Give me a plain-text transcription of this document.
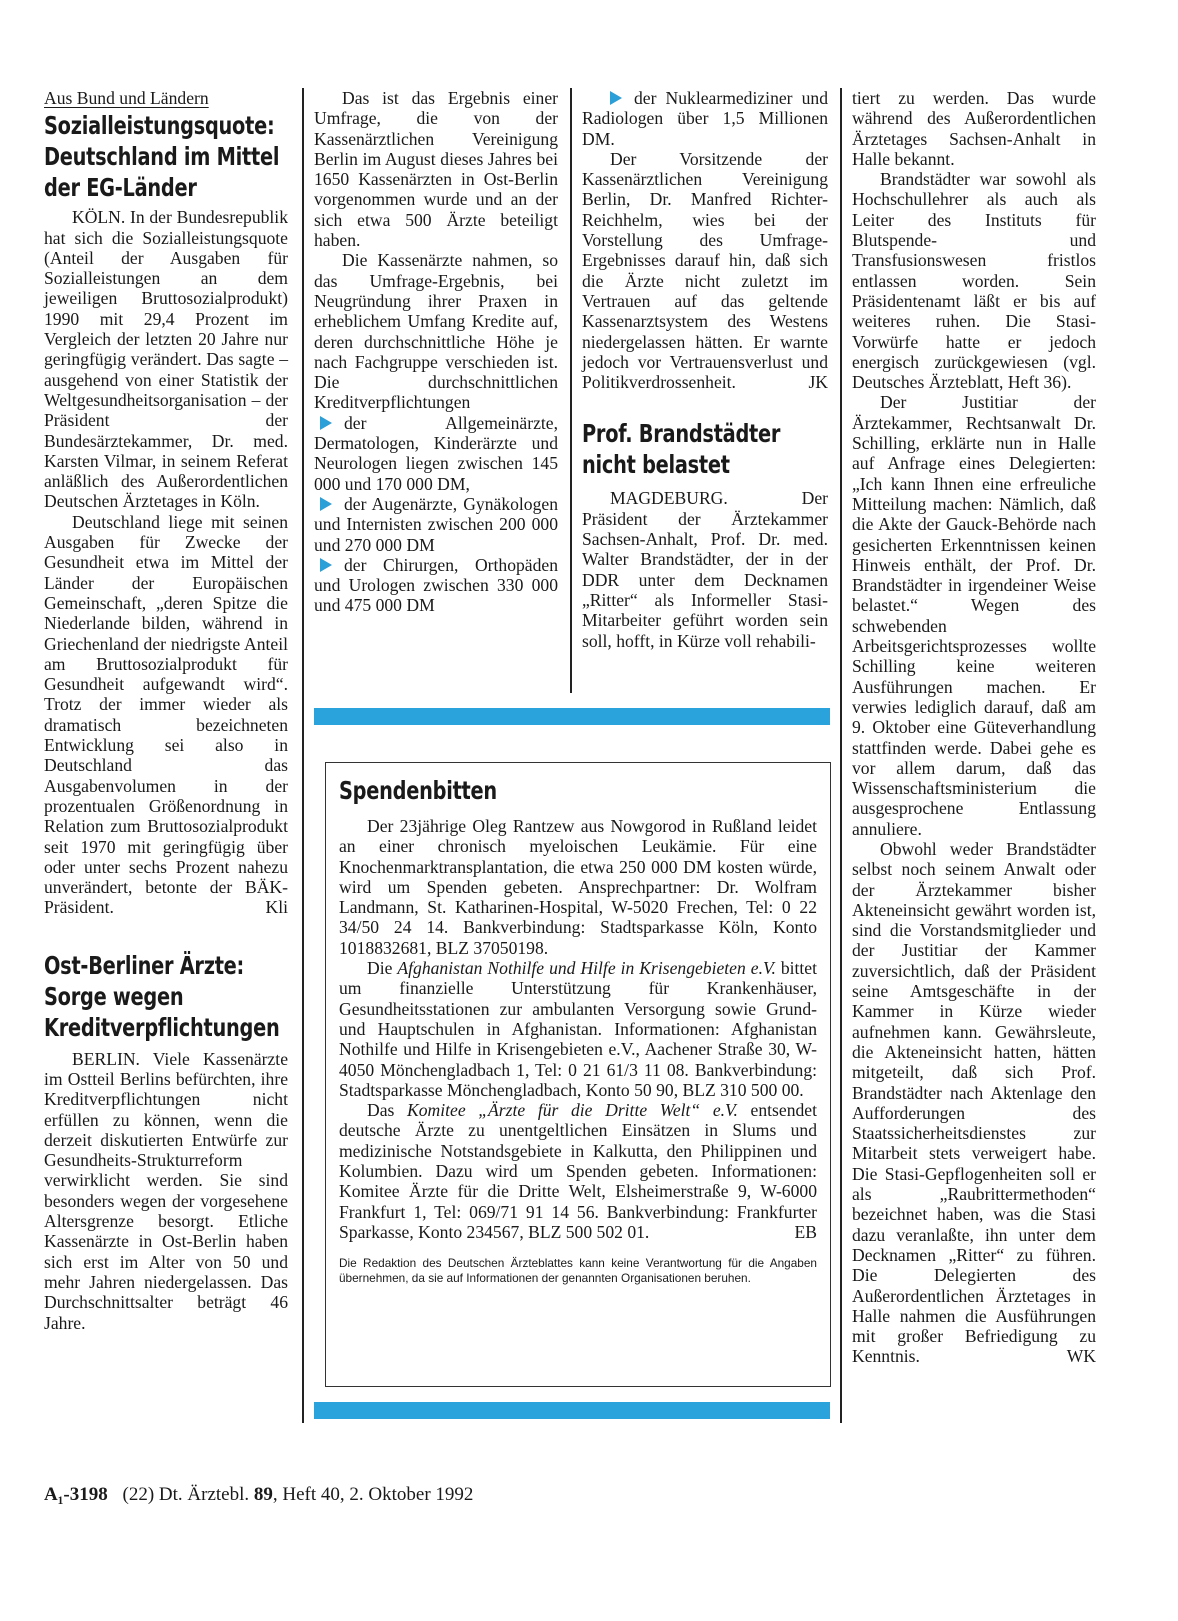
Aus Bund und Ländern

Sozialleistungsquote:
Deutschland im Mittel
der EG-Länder

KÖLN. In der Bundesrepublik hat sich die Sozialleistungsquote (Anteil der Ausgaben für Sozialleistungen an dem jeweiligen Bruttosozialprodukt) 1990 mit 29,4 Prozent im Vergleich der letzten 20 Jahre nur geringfügig verändert. Das sagte – ausgehend von einer Statistik der Weltgesundheitsorganisation – der Präsident der Bundesärztekammer, Dr. med. Karsten Vilmar, in seinem Referat anläßlich des Außerordentlichen Deutschen Ärztetages in Köln.

Deutschland liege mit seinen Ausgaben für Zwecke der Gesundheit etwa im Mittel der Länder der Europäischen Gemeinschaft, „deren Spitze die Niederlande bilden, während in Griechenland der niedrigste Anteil am Bruttosozialprodukt für Gesundheit aufgewandt wird“. Trotz der immer wieder als dramatisch bezeichneten Entwicklung sei also in Deutschland das Ausgabenvolumen in der prozentualen Größenordnung in Relation zum Bruttosozialprodukt seit 1970 mit geringfügig über oder unter sechs Prozent nahezu unverändert, betonte der BÄK-Präsident.	Kli

Ost-Berliner Ärzte:
Sorge wegen
Kreditverpflichtungen

BERLIN. Viele Kassenärzte im Ostteil Berlins befürchten, ihre Kreditverpflichtungen nicht erfüllen zu können, wenn die derzeit diskutierten Entwürfe zur Gesundheits-Strukturreform verwirklicht werden. Sie sind besonders wegen der vorgesehene Altersgrenze besorgt. Etliche Kassenärzte in Ost-Berlin haben sich erst im Alter von 50 und mehr Jahren niedergelassen. Das Durchschnittsalter beträgt 46 Jahre.

Das ist das Ergebnis einer Umfrage, die von der Kassenärztlichen Vereinigung Berlin im August dieses Jahres bei 1650 Kassenärzten in Ost-Berlin vorgenommen wurde und an der sich etwa 500 Ärzte beteiligt haben.

Die Kassenärzte nahmen, so das Umfrage-Ergebnis, bei Neugründung ihrer Praxen in erheblichem Umfang Kredite auf, deren durchschnittliche Höhe je nach Fachgruppe verschieden ist. Die durchschnittlichen Kreditverpflichtungen

der Allgemeinärzte, Dermatologen, Kinderärzte und Neurologen liegen zwischen 145 000 und 170 000 DM,

der Augenärzte, Gynäkologen und Internisten zwischen 200 000 und 270 000 DM

der Chirurgen, Orthopäden und Urologen zwischen 330 000 und 475 000 DM

der Nuklearmediziner und Radiologen über 1,5 Millionen DM.

Der Vorsitzende der Kassenärztlichen Vereinigung Berlin, Dr. Manfred Richter-Reichhelm, wies bei der Vorstellung des Umfrage-Ergebnisses darauf hin, daß sich die Ärzte nicht zuletzt im Vertrauen auf das geltende Kassenarztsystem des Westens niedergelassen hätten. Er warnte jedoch vor Vertrauensverlust und Politikverdrossenheit.	JK

Prof. Brandstädter
nicht belastet

MAGDEBURG. Der Präsident der Ärztekammer Sachsen-Anhalt, Prof. Dr. med. Walter Brandstädter, der in der DDR unter dem Decknamen „Ritter“ als Informeller Stasi-Mitarbeiter geführt worden sein soll, hofft, in Kürze voll rehabili-

tiert zu werden. Das wurde während des Außerordentlichen Ärztetages Sachsen-Anhalt in Halle bekannt.

Brandstädter war sowohl als Hochschullehrer als auch als Leiter des Instituts für Blutspende- und Transfusionswesen fristlos entlassen worden. Sein Präsidentenamt läßt er bis auf weiteres ruhen. Die Stasi-Vorwürfe hatte er jedoch energisch zurückgewiesen (vgl. Deutsches Ärzteblatt, Heft 36).

Der Justitiar der Ärztekammer, Rechtsanwalt Dr. Schilling, erklärte nun in Halle auf Anfrage eines Delegierten: „Ich kann Ihnen eine erfreuliche Mitteilung machen: Nämlich, daß die Akte der Gauck-Behörde nach gesicherten Erkenntnissen keinen Hinweis enthält, der Prof. Dr. Brandstädter in irgendeiner Weise belastet.“ Wegen des schwebenden Arbeitsgerichtsprozesses wollte Schilling keine weiteren Ausführungen machen. Er verwies lediglich darauf, daß am 9. Oktober eine Güteverhandlung stattfinden werde. Dabei gehe es vor allem darum, daß das Wissenschaftsministerium die ausgesprochene Entlassung annuliere.

Obwohl weder Brandstädter selbst noch seinem Anwalt oder der Ärztekammer bisher Akteneinsicht gewährt worden ist, sind die Vorstandsmitglieder und der Justitiar der Kammer zuversichtlich, daß der Präsident seine Amtsgeschäfte in der Kammer in Kürze wieder aufnehmen kann. Gewährsleute, die Akteneinsicht hatten, hätten mitgeteilt, daß sich Prof. Brandstädter nach Aktenlage den Aufforderungen des Staatssicherheitsdienstes zur Mitarbeit stets verweigert habe. Die Stasi-Gepflogenheiten soll er als „Raubrittermethoden“ bezeichnet haben, was die Stasi dazu veranlaßte, ihn unter dem Decknamen „Ritter“ zu führen. Die Delegierten des Außerordentlichen Ärztetages in Halle nahmen die Ausführungen mit großer Befriedigung zu Kenntnis.	WK

Spendenbitten

Der 23jährige Oleg Rantzew aus Nowgorod in Rußland leidet an einer chronisch myeloischen Leukämie. Für eine Knochenmarktransplantation, die etwa 250 000 DM kosten würde, wird um Spenden gebeten. Ansprechpartner: Dr. Wolfram Landmann, St. Katharinen-Hospital, W-5020 Frechen, Tel: 0 22 34/50 24 14. Bankverbindung: Stadtsparkasse Köln, Konto 1018832681, BLZ 37050198.

Die Afghanistan Nothilfe und Hilfe in Krisengebieten e.V. bittet um finanzielle Unterstützung für Krankenhäuser, Gesundheitsstationen zur ambulanten Versorgung sowie Grund- und Hauptschulen in Afghanistan. Informationen: Afghanistan Nothilfe und Hilfe in Krisengebieten e.V., Aachener Straße 30, W-4050 Mönchengladbach 1, Tel: 0 21 61/3 11 08. Bankverbindung: Stadtsparkasse Mönchengladbach, Konto 50 90, BLZ 310 500 00.

Das Komitee „Ärzte für die Dritte Welt“ e.V. entsendet deutsche Ärzte zu unentgeltlichen Einsätzen in Slums und medizinische Notstandsgebiete in Kalkutta, den Philippinen und Kolumbien. Dazu wird um Spenden gebeten. Informationen: Komitee Ärzte für die Dritte Welt, Elsheimerstraße 9, W-6000 Frankfurt 1, Tel: 069/71 91 14 56. Bankverbindung: Frankfurter Sparkasse, Konto 234567, BLZ 500 502 01.	EB

Die Redaktion des Deutschen Ärzteblattes kann keine Verantwortung für die Angaben übernehmen, da sie auf Informationen der genannten Organisationen beruhen.

A₁-3198 (22) Dt. Ärztebl. 89, Heft 40, 2. Oktober 1992
